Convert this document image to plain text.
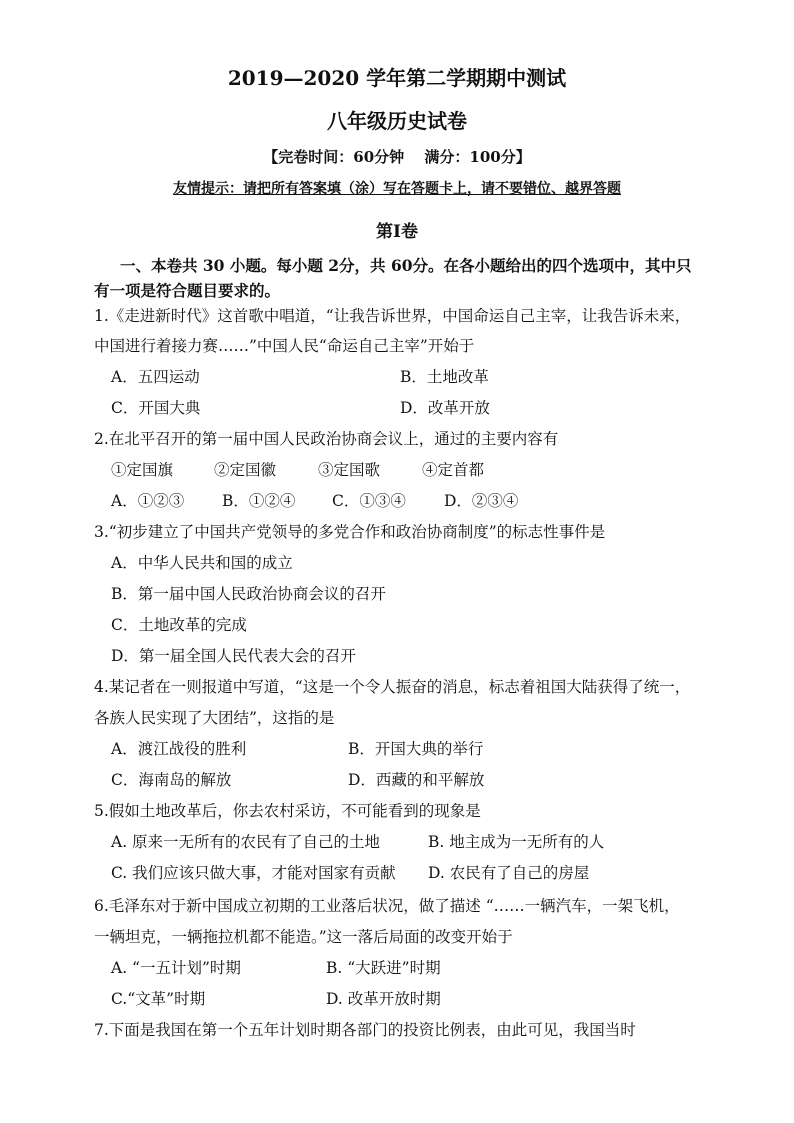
2019—2020 学年第二学期期中测试
八年级历史试卷
【完卷时间：60分钟　 满分：100分】
友情提示：请把所有答案填（涂）写在答题卡上，请不要错位、越界答题
第Ⅰ卷
一、本卷共 30 小题。每小题 2分，共 60分。在各小题给出的四个选项中，其中只
有一项是符合题目要求的。
1.《走进新时代》这首歌中唱道，“让我告诉世界，中国命运自己主宰，让我告诉未来，
中国进行着接力赛……”中国人民“命运自己主宰”开始于
A．五四运动	B．土地改革
C．开国大典	D．改革开放
2.在北平召开的第一届中国人民政治协商会议上，通过的主要内容有
①定国旗	②定国徽	③定国歌	④定首都
A．①②③ B．①②④ C．①③④ D．②③④
3.“初步建立了中国共产党领导的多党合作和政治协商制度”的标志性事件是
A．中华人民共和国的成立
B．第一届中国人民政治协商会议的召开
C．土地改革的完成
D．第一届全国人民代表大会的召开
4.某记者在一则报道中写道，“这是一个令人振奋的消息，标志着祖国大陆获得了统一，
各族人民实现了大团结”，这指的是
A．渡江战役的胜利	B．开国大典的举行
C．海南岛的解放	D．西藏的和平解放
5.假如土地改革后，你去农村采访，不可能看到的现象是
A. 原来一无所有的农民有了自己的土地	B. 地主成为一无所有的人
C. 我们应该只做大事，才能对国家有贡献 D. 农民有了自己的房屋
6.毛泽东对于新中国成立初期的工业落后状况，做了描述 “……一辆汽车，一架飞机，
一辆坦克，一辆拖拉机都不能造。”这一落后局面的改变开始于
A. “一五计划”时期	B. “大跃进”时期
C.“文革”时期	D. 改革开放时期
7.下面是我国在第一个五年计划时期各部门的投资比例表，由此可见，我国当时
